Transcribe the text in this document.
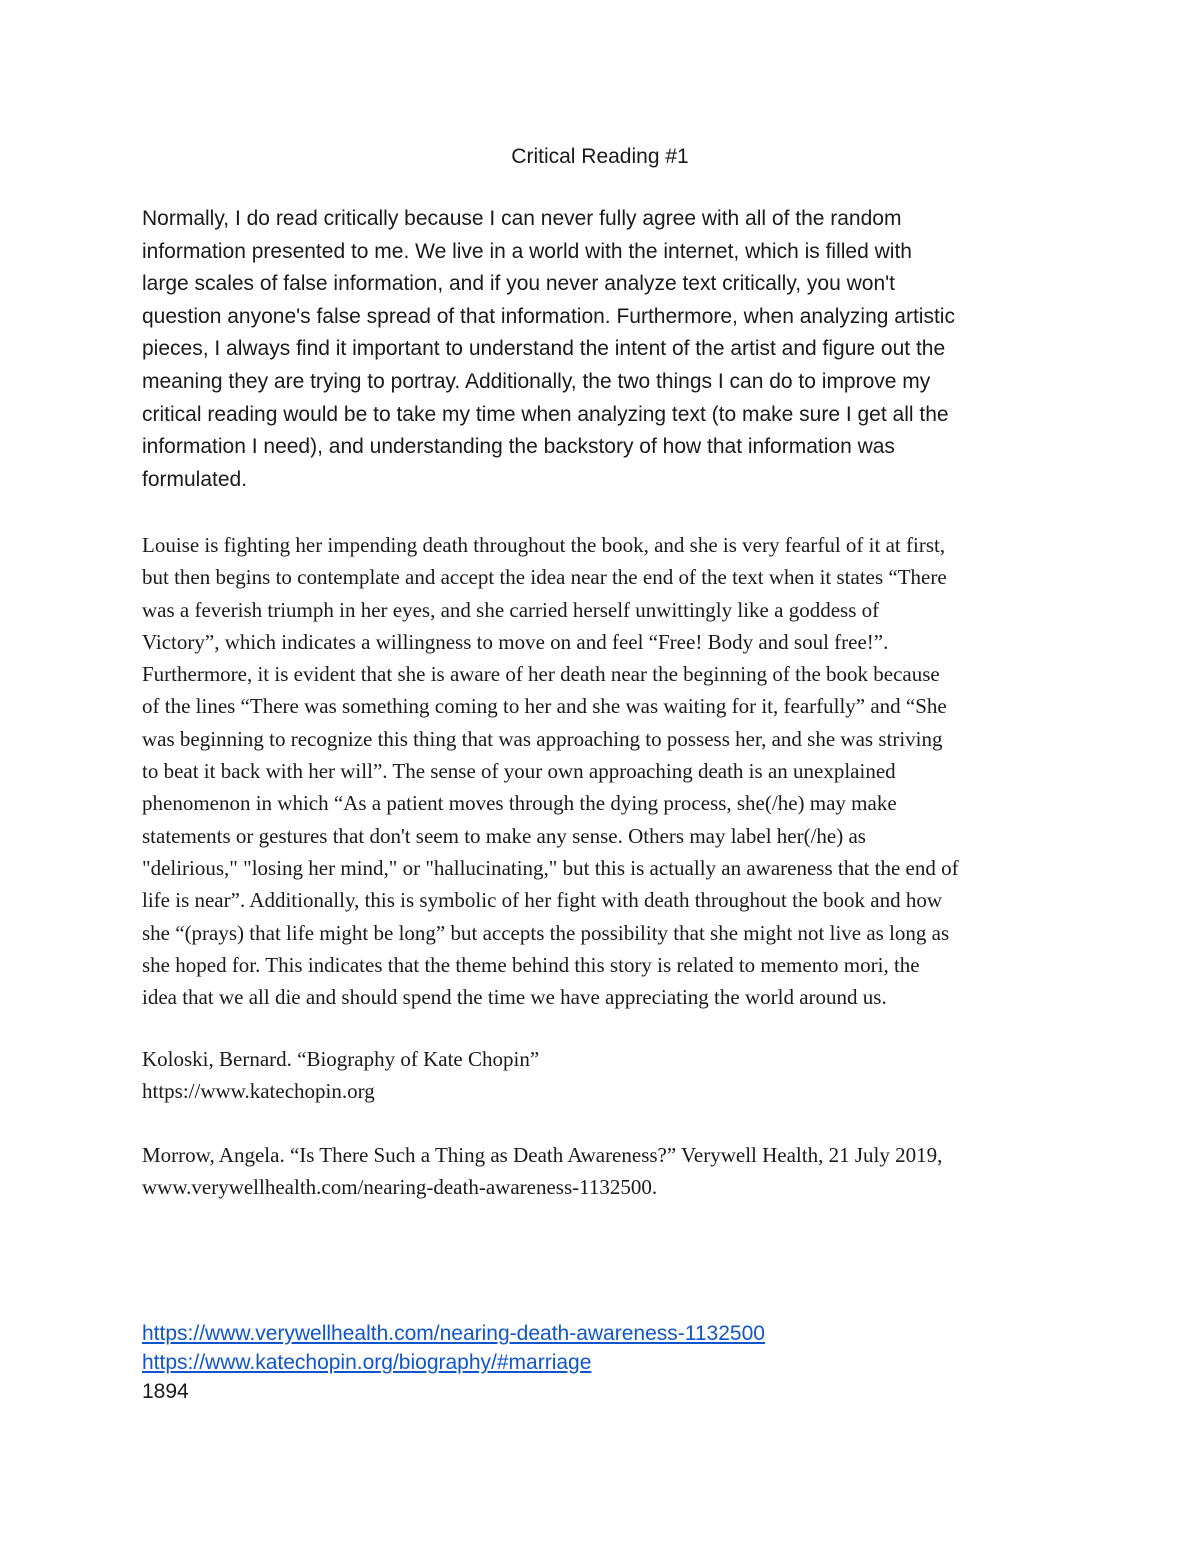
Critical Reading #1
Normally, I do read critically because I can never fully agree with all of the random
information presented to me. We live in a world with the internet, which is filled with
large scales of false information, and if you never analyze text critically, you won't
question anyone's false spread of that information. Furthermore, when analyzing artistic
pieces, I always find it important to understand the intent of the artist and figure out the
meaning they are trying to portray. Additionally, the two things I can do to improve my
critical reading would be to take my time when analyzing text (to make sure I get all the
information I need), and understanding the backstory of how that information was
formulated.
Louise is fighting her impending death throughout the book, and she is very fearful of it at first,
but then begins to contemplate and accept the idea near the end of the text when it states “There
was a feverish triumph in her eyes, and she carried herself unwittingly like a goddess of
Victory”, which indicates a willingness to move on and feel “Free! Body and soul free!”.
Furthermore, it is evident that she is aware of her death near the beginning of the book because
of the lines “There was something coming to her and she was waiting for it, fearfully” and “She
was beginning to recognize this thing that was approaching to possess her, and she was striving
to beat it back with her will”. The sense of your own approaching death is an unexplained
phenomenon in which “As a patient moves through the dying process, she(/he) may make
statements or gestures that don't seem to make any sense. Others may label her(/he) as
"delirious," "losing her mind," or "hallucinating," but this is actually an awareness that the end of
life is near”. Additionally, this is symbolic of her fight with death throughout the book and how
she “(prays) that life might be long” but accepts the possibility that she might not live as long as
she hoped for. This indicates that the theme behind this story is related to memento mori, the
idea that we all die and should spend the time we have appreciating the world around us.
Koloski, Bernard. “Biography of Kate Chopin”
https://www.katechopin.org
Morrow, Angela. “Is There Such a Thing as Death Awareness?” Verywell Health, 21 July 2019,
www.verywellhealth.com/nearing-death-awareness-1132500.
https://www.verywellhealth.com/nearing-death-awareness-1132500
https://www.katechopin.org/biography/#marriage
1894
